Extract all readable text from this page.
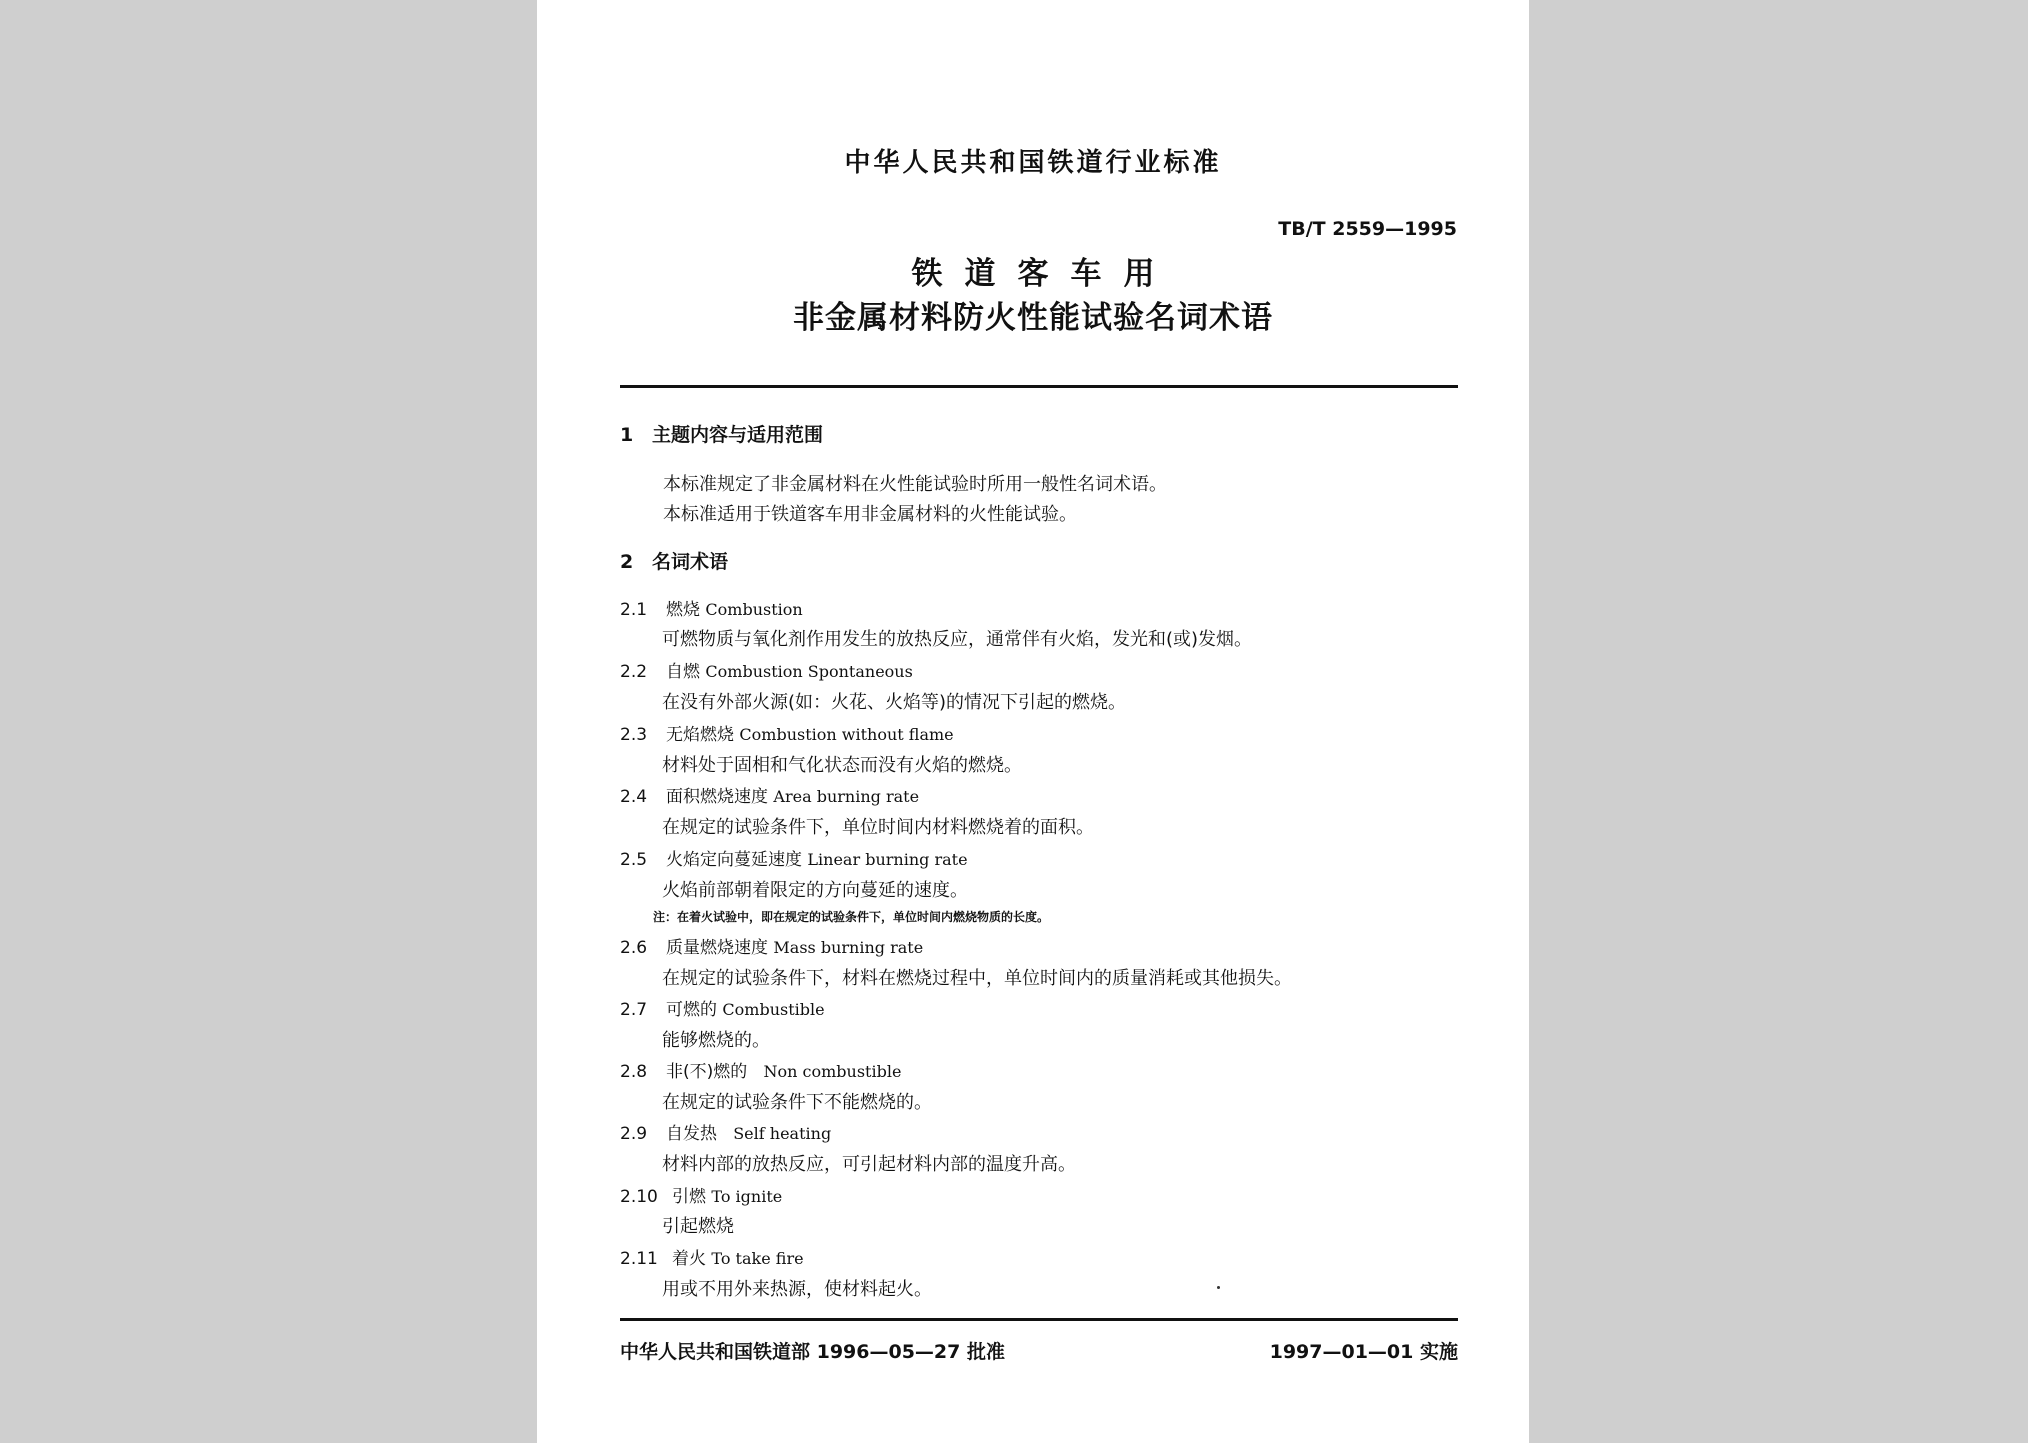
中华人民共和国铁道行业标准
TB/T 2559—1995
铁道客车用
非金属材料防火性能试验名词术语
1 主题内容与适用范围
本标准规定了非金属材料在火性能试验时所用一般性名词术语。
本标准适用于铁道客车用非金属材料的火性能试验。
2 名词术语
2.1 燃烧 Combustion
可燃物质与氧化剂作用发生的放热反应，通常伴有火焰，发光和(或)发烟。
2.2 自燃 Combustion Spontaneous
在没有外部火源(如：火花、火焰等)的情况下引起的燃烧。
2.3 无焰燃烧 Combustion without flame
材料处于固相和气化状态而没有火焰的燃烧。
2.4 面积燃烧速度 Area burning rate
在规定的试验条件下，单位时间内材料燃烧着的面积。
2.5 火焰定向蔓延速度 Linear burning rate
火焰前部朝着限定的方向蔓延的速度。
注：在着火试验中，即在规定的试验条件下，单位时间内燃烧物质的长度。
2.6 质量燃烧速度 Mass burning rate
在规定的试验条件下，材料在燃烧过程中，单位时间内的质量消耗或其他损失。
2.7 可燃的 Combustible
能够燃烧的。
2.8 非(不)燃的 Non combustible
在规定的试验条件下不能燃烧的。
2.9 自发热 Self heating
材料内部的放热反应，可引起材料内部的温度升高。
2.10 引燃 To ignite
引起燃烧
2.11 着火 To take fire
用或不用外来热源，使材料起火。
中华人民共和国铁道部 1996—05—27 批准	1997—01—01 实施
